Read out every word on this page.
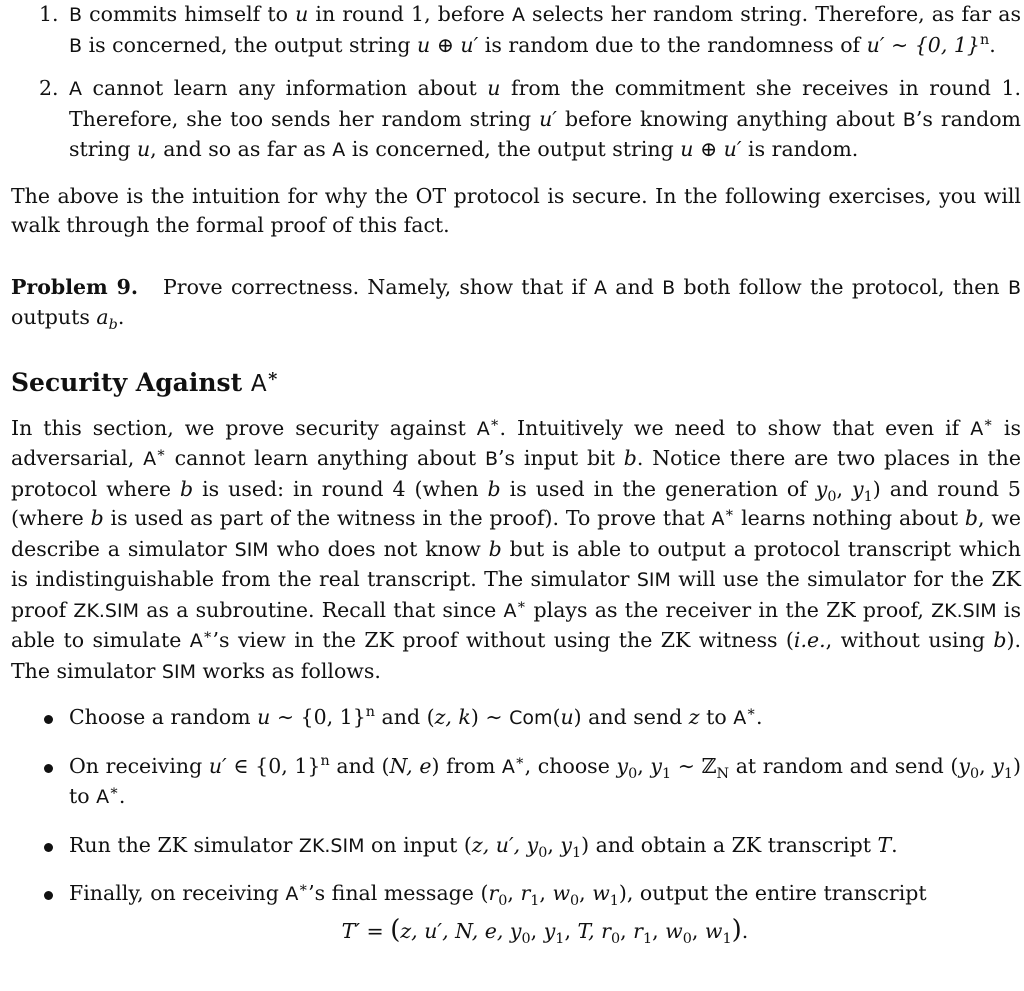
1. B commits himself to u in round 1, before A selects her random string. Therefore, as far as B is concerned, the output string u ⊕ u′ is random due to the randomness of u′ ∼ {0, 1}$^n$.
2. A cannot learn any information about u from the commitment she receives in round 1. Therefore, she too sends her random string u′ before knowing anything about B’s random string u, and so as far as A is concerned, the output string u ⊕ u′ is random.

The above is the intuition for why the OT protocol is secure. In the following exercises, you will walk through the formal proof of this fact.

Problem 9. Prove correctness. Namely, show that if A and B both follow the protocol, then B outputs $a_b$.

Security Against A∗

In this section, we prove security against A∗. Intuitively we need to show that even if A∗ is adversarial, A∗ cannot learn anything about B’s input bit b. Notice there are two places in the protocol where b is used: in round 4 (when b is used in the generation of $y_0$, $y_1$) and round 5 (where b is used as part of the witness in the proof). To prove that A∗ learns nothing about b, we describe a simulator SIM who does not know b but is able to output a protocol transcript which is indistinguishable from the real transcript. The simulator SIM will use the simulator for the ZK proof ZK.SIM as a subroutine. Recall that since A∗ plays as the receiver in the ZK proof, ZK.SIM is able to simulate A∗’s view in the ZK proof without using the ZK witness (i.e., without using b). The simulator SIM works as follows.

Choose a random u ∼ {0, 1}$^n$ and (z, k) ∼ Com(u) and send z to A∗.
On receiving u′ ∈ {0, 1}$^n$ and (N, e) from A∗, choose $y_0$, $y_1$ ∼ ℤ$_N$ at random and send ($y_0$, $y_1$) to A∗.
Run the ZK simulator ZK.SIM on input (z, u′, $y_0$, $y_1$) and obtain a ZK transcript T.
Finally, on receiving A∗’s final message ($r_0$, $r_1$, $w_0$, $w_1$), output the entire transcript
T′ = (z, u′, N, e, $y_0$, $y_1$, T, $r_0$, $r_1$, $w_0$, $w_1$).
